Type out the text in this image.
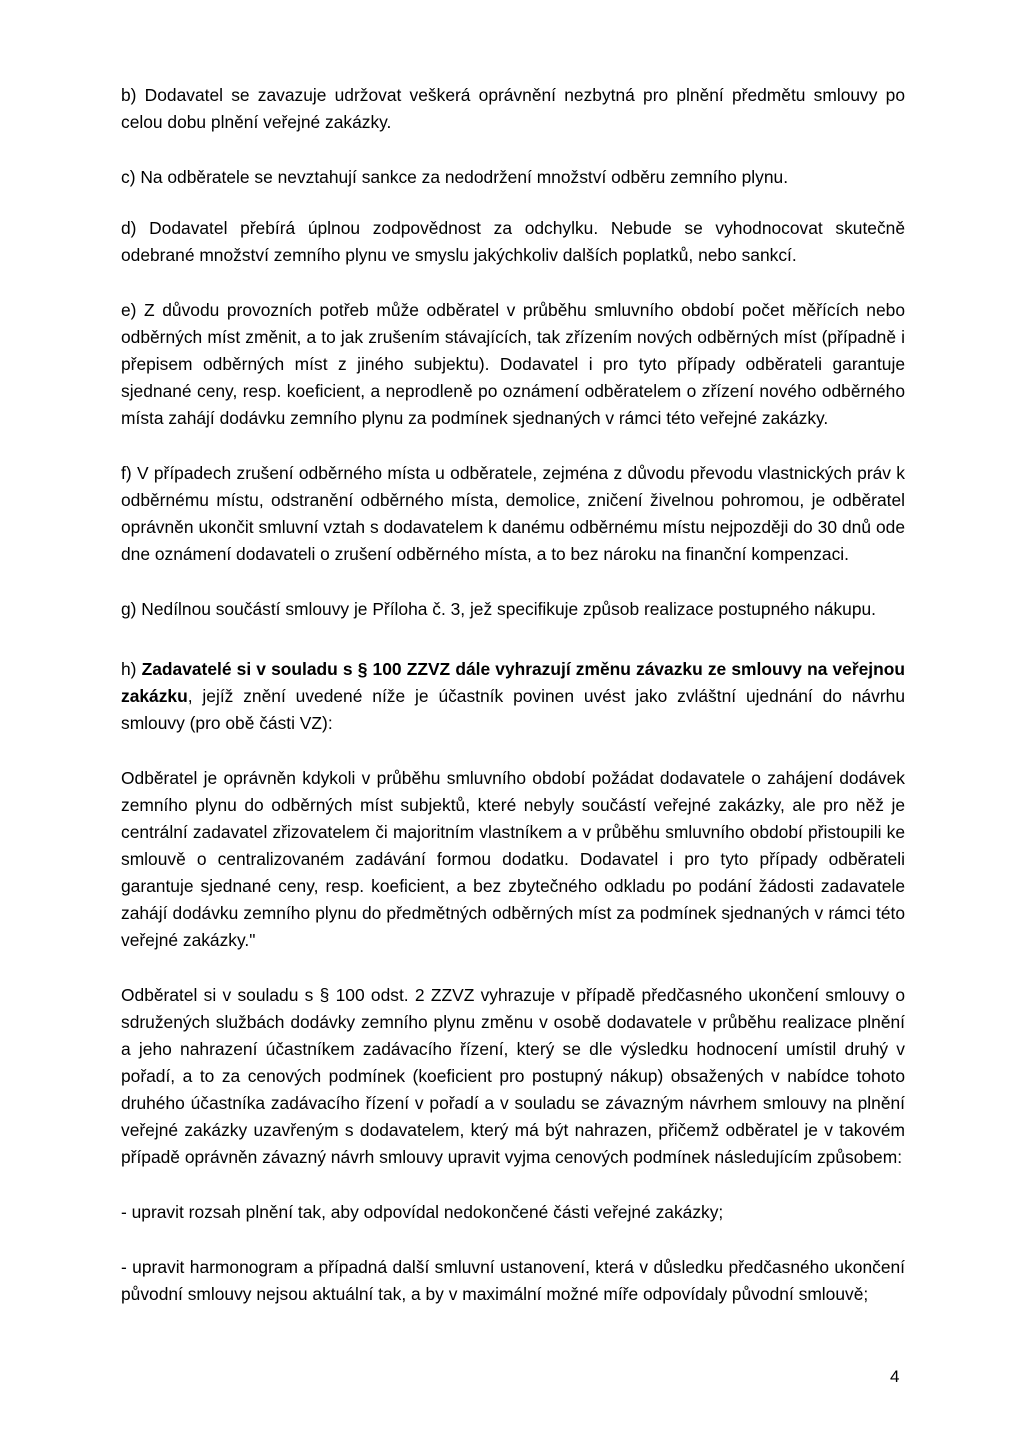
b) Dodavatel se zavazuje udržovat veškerá oprávnění nezbytná pro plnění předmětu smlouvy po celou dobu plnění veřejné zakázky.

c) Na odběratele se nevztahují sankce za nedodržení množství odběru zemního plynu.

d) Dodavatel přebírá úplnou zodpovědnost za odchylku. Nebude se vyhodnocovat skutečně odebrané množství zemního plynu ve smyslu jakýchkoliv dalších poplatků, nebo sankcí.

e) Z důvodu provozních potřeb může odběratel v průběhu smluvního období počet měřících nebo odběrných míst změnit, a to jak zrušením stávajících, tak zřízením nových odběrných míst (případně i přepisem odběrných míst z jiného subjektu). Dodavatel i pro tyto případy odběrateli garantuje sjednané ceny, resp. koeficient, a neprodleně po oznámení odběratelem o zřízení nového odběrného místa zahájí dodávku zemního plynu za podmínek sjednaných v rámci této veřejné zakázky.

f) V případech zrušení odběrného místa u odběratele, zejména z důvodu převodu vlastnických práv k odběrnému místu, odstranění odběrného místa, demolice, zničení živelnou pohromou, je odběratel oprávněn ukončit smluvní vztah s dodavatelem k danému odběrnému místu nejpozději do 30 dnů ode dne oznámení dodavateli o zrušení odběrného místa, a to bez nároku na finanční kompenzaci.

g) Nedílnou součástí smlouvy je Příloha č. 3, jež specifikuje způsob realizace postupného nákupu.

h) Zadavatelé si v souladu s § 100 ZZVZ dále vyhrazují změnu závazku ze smlouvy na veřejnou zakázku, jejíž znění uvedené níže je účastník povinen uvést jako zvláštní ujednání do návrhu smlouvy (pro obě části VZ):

Odběratel je oprávněn kdykoli v průběhu smluvního období požádat dodavatele o zahájení dodávek zemního plynu do odběrných míst subjektů, které nebyly součástí veřejné zakázky, ale pro něž je centrální zadavatel zřizovatelem či majoritním vlastníkem a v průběhu smluvního období přistoupili ke smlouvě o centralizovaném zadávání formou dodatku. Dodavatel i pro tyto případy odběrateli garantuje sjednané ceny, resp. koeficient, a bez zbytečného odkladu po podání žádosti zadavatele zahájí dodávku zemního plynu do předmětných odběrných míst za podmínek sjednaných v rámci této veřejné zakázky."

Odběratel si v souladu s § 100 odst. 2 ZZVZ vyhrazuje v případě předčasného ukončení smlouvy o sdružených službách dodávky zemního plynu změnu v osobě dodavatele v průběhu realizace plnění a jeho nahrazení účastníkem zadávacího řízení, který se dle výsledku hodnocení umístil druhý v pořadí, a to za cenových podmínek (koeficient pro postupný nákup) obsažených v nabídce tohoto druhého účastníka zadávacího řízení v pořadí a v souladu se závazným návrhem smlouvy na plnění veřejné zakázky uzavřeným s dodavatelem, který má být nahrazen, přičemž odběratel je v takovém případě oprávněn závazný návrh smlouvy upravit vyjma cenových podmínek následujícím způsobem:

- upravit rozsah plnění tak, aby odpovídal nedokončené části veřejné zakázky;

- upravit harmonogram a případná další smluvní ustanovení, která v důsledku předčasného ukončení původní smlouvy nejsou aktuální tak, a by v maximální možné míře odpovídaly původní smlouvě;

4
